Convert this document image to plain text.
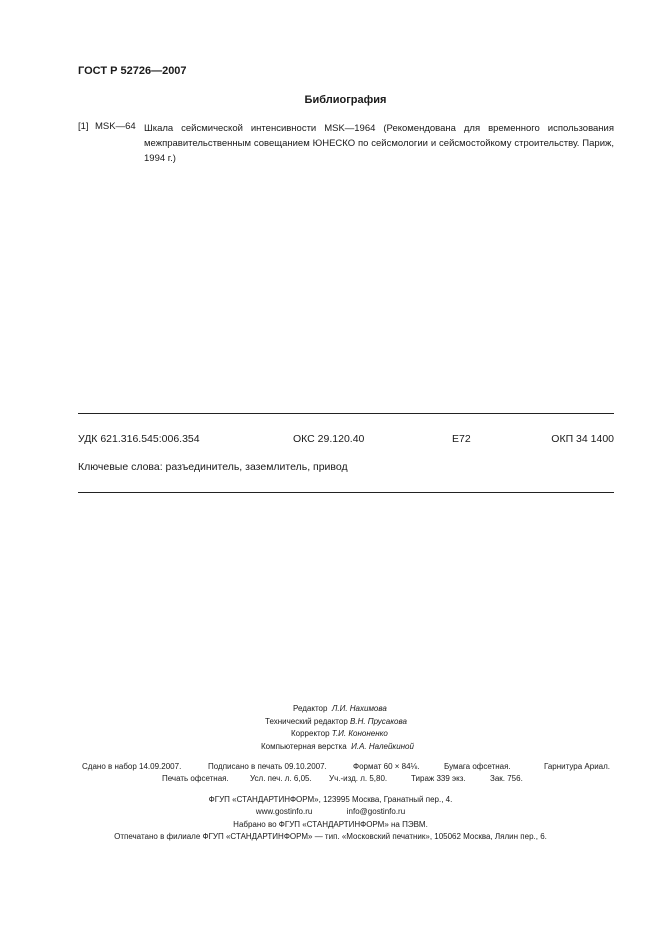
ГОСТ Р 52726—2007
Библиография
[1] MSK—64 Шкала сейсмической интенсивности MSK—1964 (Рекомендована для временного использования межправительственным совещанием ЮНЕСКО по сейсмологии и сейсмостойкому строительству. Париж, 1994 г.)
УДК 621.316.545:006.354	ОКС 29.120.40	Е72	ОКП 34 1400
Ключевые слова: разъединитель, заземлитель, привод
Редактор Л.И. Нахимова
Технический редактор В.Н. Прусакова
Корректор Т.И. Кононенко
Компьютерная верстка И.А. Налейкиной
Сдано в набор 14.09.2007.	Подписано в печать 09.10.2007.	Формат 60 × 84⅛.	Бумага офсетная.	Гарнитура Ариал.
Печать офсетная.	Усл. печ. л. 6,05. Уч.-изд. л. 5,80.	Тираж 339 экз.	Зак. 756.
ФГУП «СТАНДАРТИНФОРМ», 123995 Москва, Гранатный пер., 4.
www.gostinfo.ru	info@gostinfo.ru
Набрано во ФГУП «СТАНДАРТИНФОРМ» на ПЭВМ.
Отпечатано в филиале ФГУП «СТАНДАРТИНФОРМ» — тип. «Московский печатник», 105062 Москва, Лялин пер., 6.
